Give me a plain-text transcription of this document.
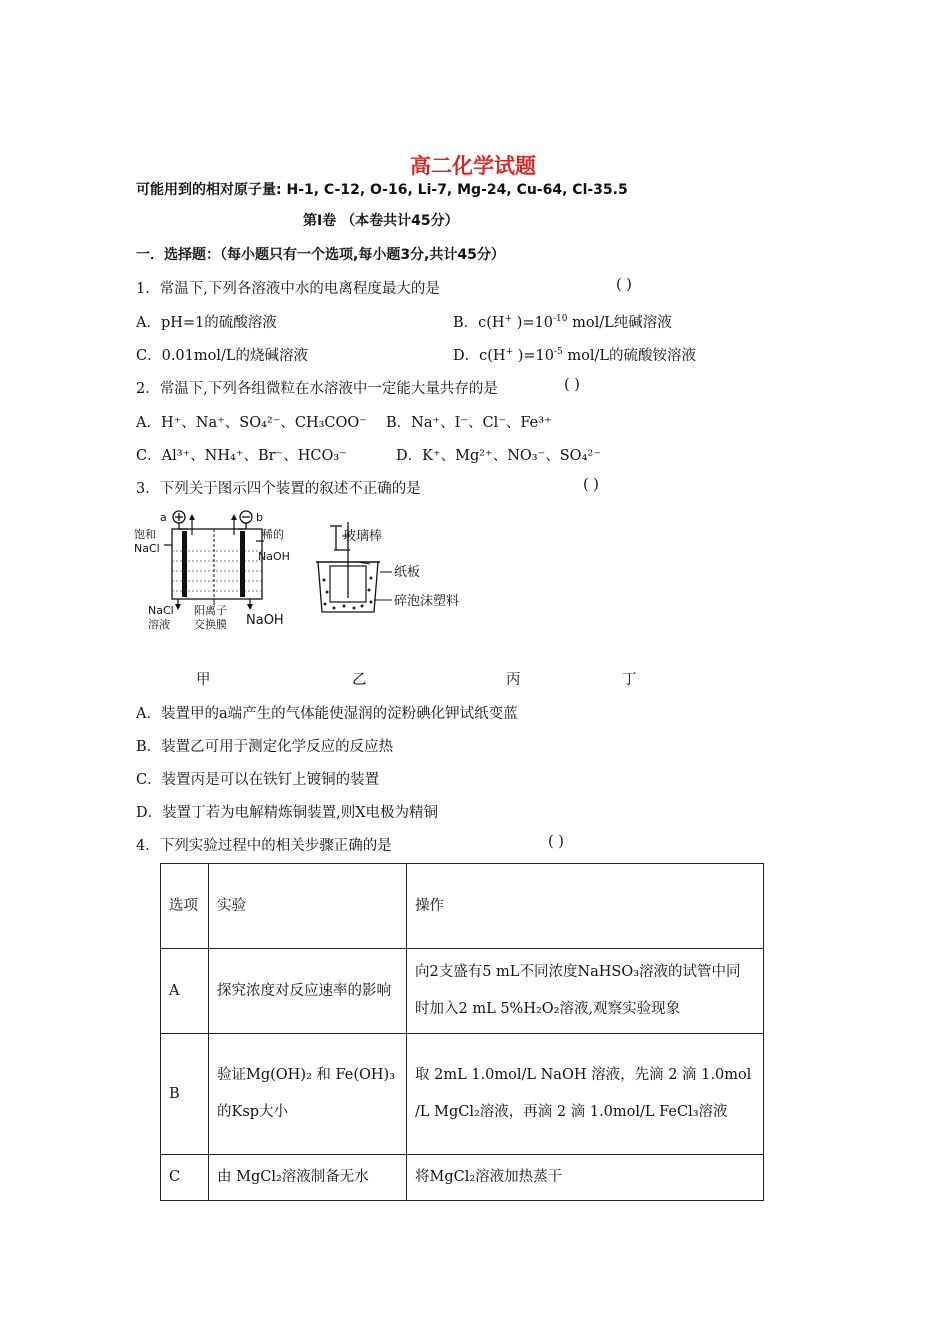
高二化学试题
可能用到的相对原子量: H-1, C-12, O-16, Li-7, Mg-24, Cu-64, Cl-35.5
第Ⅰ卷 （本卷共计45分）
一．选择题：（每小题只有一个选项,每小题3分,共计45分）
1．常温下,下列各溶液中水的电离程度最大的是	( )
A．pH=1的硫酸溶液	B．c(H+ )$=10^{-10}$ mol/L纯碱溶液
C．0.01mol/L的烧碱溶液	D．c(H+ )$=10^{-5}$ mol/L的硫酸铵溶液
2．常温下,下列各组微粒在水溶液中一定能大量共存的是	( )
A．H⁺、Na⁺、SO₄²⁻、CH₃COO⁻ B．Na⁺、I⁻、Cl⁻、Fe³⁺
C．Al³⁺、NH₄⁺、Br⁻、HCO₃⁻	D．K⁺、Mg²⁺、NO₃⁻、SO₄²⁻
3．下列关于图示四个装置的叙述不正确的是	( )
a	b
饱和
NaCl
稀的
NaOH
NaCl
溶液
阳离子
交换膜 NaOH
玻璃棒
纸板
碎泡沫塑料
甲	乙	丙	丁
A．装置甲的a端产生的气体能使湿润的淀粉碘化钾试纸变蓝
B．装置乙可用于测定化学反应的反应热
C．装置丙是可以在铁钉上镀铜的装置
D．装置丁若为电解精炼铜装置,则X电极为精铜
4．下列实验过程中的相关步骤正确的是	( )
选项	实验	操作
A	探究浓度对反应速率的影响	向2支盛有5 mL不同浓度NaHSO₃溶液的试管中同时加入2 mL 5%H₂O₂溶液,观察实验现象
B	验证Mg(OH)₂ 和 Fe(OH)₃的Ksp大小	取 2mL 1.0mol/L NaOH 溶液，先滴 2 滴 1.0mol /L MgCl₂溶液，再滴 2 滴 1.0mol/L FeCl₃溶液
C	由 MgCl₂溶液制备无水	将MgCl₂溶液加热蒸干
